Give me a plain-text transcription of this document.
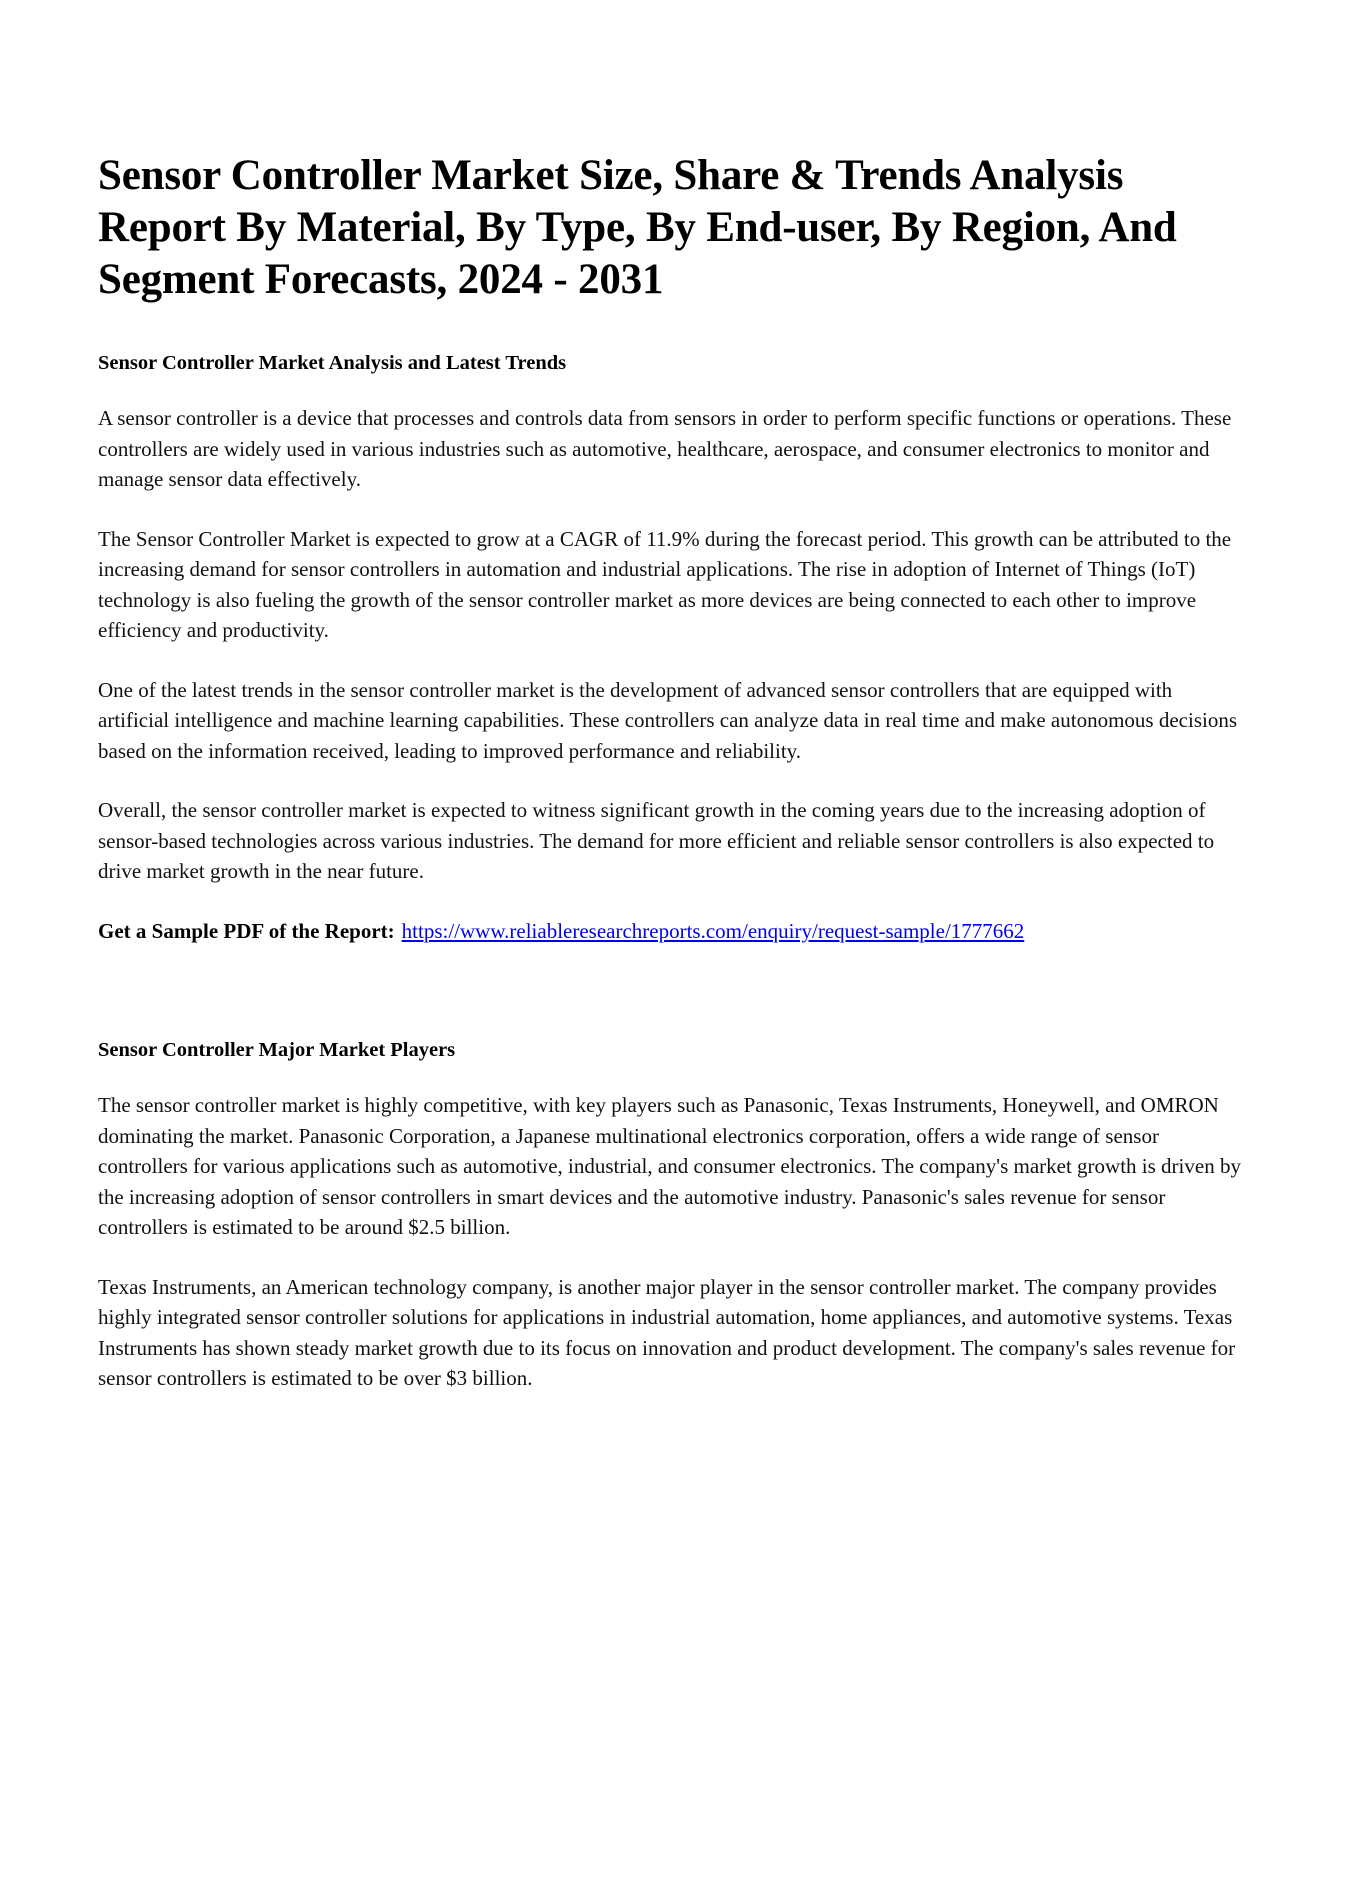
Sensor Controller Market Size, Share & Trends Analysis Report By Material, By Type, By End-user, By Region, And Segment Forecasts, 2024 - 2031
Sensor Controller Market Analysis and Latest Trends

A sensor controller is a device that processes and controls data from sensors in order to perform specific functions or operations. These controllers are widely used in various industries such as automotive, healthcare, aerospace, and consumer electronics to monitor and manage sensor data effectively.

The Sensor Controller Market is expected to grow at a CAGR of 11.9% during the forecast period. This growth can be attributed to the increasing demand for sensor controllers in automation and industrial applications. The rise in adoption of Internet of Things (IoT) technology is also fueling the growth of the sensor controller market as more devices are being connected to each other to improve efficiency and productivity.

One of the latest trends in the sensor controller market is the development of advanced sensor controllers that are equipped with artificial intelligence and machine learning capabilities. These controllers can analyze data in real time and make autonomous decisions based on the information received, leading to improved performance and reliability.

Overall, the sensor controller market is expected to witness significant growth in the coming years due to the increasing adoption of sensor-based technologies across various industries. The demand for more efficient and reliable sensor controllers is also expected to drive market growth in the near future.

Get a Sample PDF of the Report: https://www.reliableresearchreports.com/enquiry/request-sample/1777662

Sensor Controller Major Market Players

The sensor controller market is highly competitive, with key players such as Panasonic, Texas Instruments, Honeywell, and OMRON dominating the market. Panasonic Corporation, a Japanese multinational electronics corporation, offers a wide range of sensor controllers for various applications such as automotive, industrial, and consumer electronics. The company's market growth is driven by the increasing adoption of sensor controllers in smart devices and the automotive industry. Panasonic's sales revenue for sensor controllers is estimated to be around $2.5 billion.

Texas Instruments, an American technology company, is another major player in the sensor controller market. The company provides highly integrated sensor controller solutions for applications in industrial automation, home appliances, and automotive systems. Texas Instruments has shown steady market growth due to its focus on innovation and product development. The company's sales revenue for sensor controllers is estimated to be over $3 billion.
